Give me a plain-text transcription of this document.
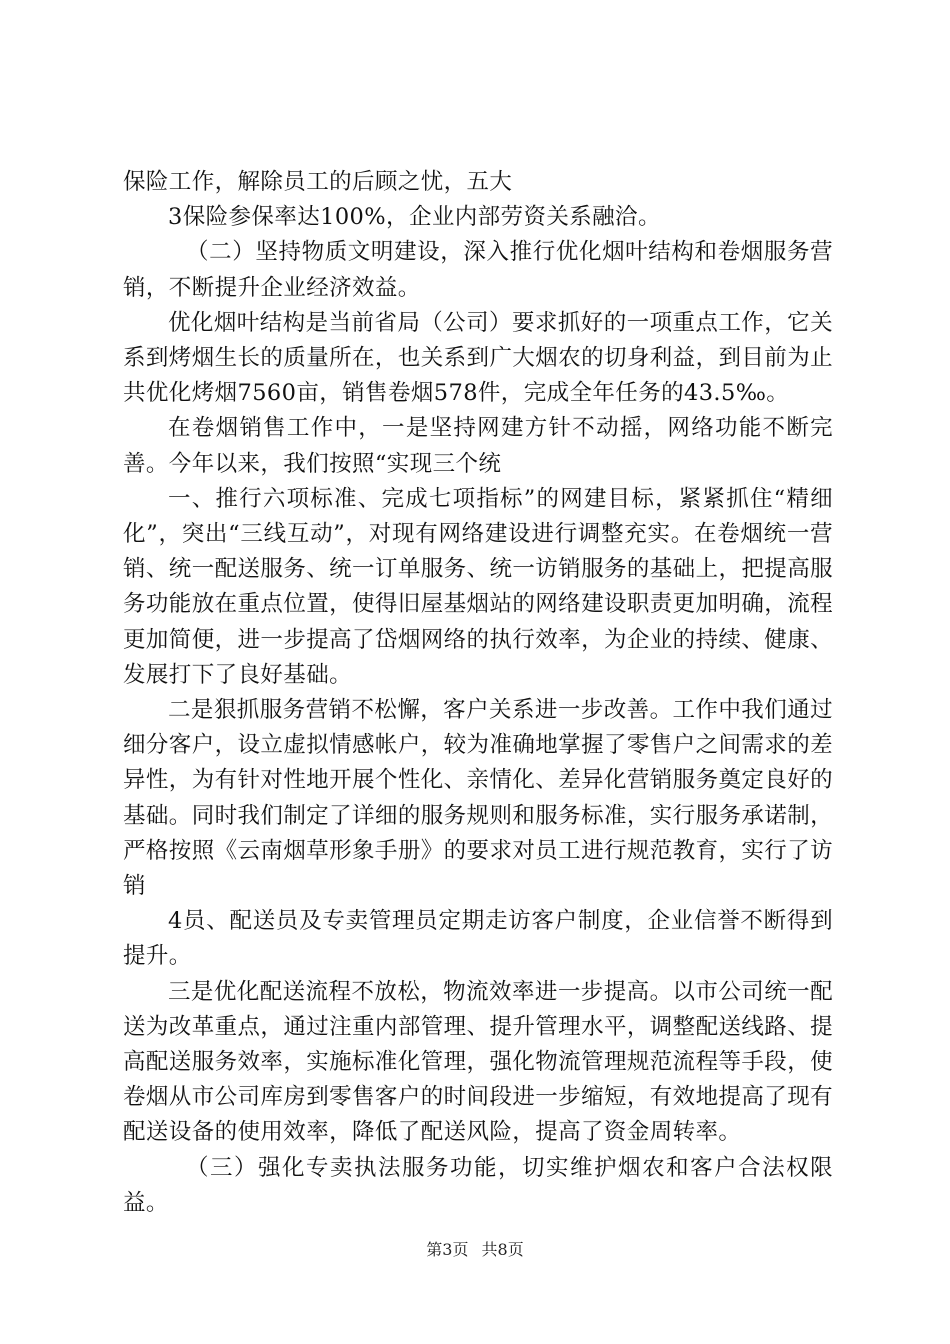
保险工作，解除员工的后顾之忧，五大

3保险参保率达100%，企业内部劳资关系融洽。

（二）坚持物质文明建设，深入推行优化烟叶结构和卷烟服务营销，不断提升企业经济效益。

优化烟叶结构是当前省局（公司）要求抓好的一项重点工作，它关系到烤烟生长的质量所在，也关系到广大烟农的切身利益，到目前为止共优化烤烟7560亩，销售卷烟578件，完成全年任务的43.5‰。

在卷烟销售工作中，一是坚持网建方针不动摇，网络功能不断完善。今年以来，我们按照“实现三个统

一、推行六项标准、完成七项指标”的网建目标，紧紧抓住“精细化”，突出“三线互动”，对现有网络建设进行调整充实。在卷烟统一营销、统一配送服务、统一订单服务、统一访销服务的基础上，把提高服务功能放在重点位置，使得旧屋基烟站的网络建设职责更加明确，流程更加简便，进一步提高了岱烟网络的执行效率，为企业的持续、健康、发展打下了良好基础。

二是狠抓服务营销不松懈，客户关系进一步改善。工作中我们通过细分客户，设立虚拟情感帐户，较为准确地掌握了零售户之间需求的差异性，为有针对性地开展个性化、亲情化、差异化营销服务奠定良好的基础。同时我们制定了详细的服务规则和服务标准，实行服务承诺制，严格按照《云南烟草形象手册》的要求对员工进行规范教育，实行了访销

4员、配送员及专卖管理员定期走访客户制度，企业信誉不断得到提升。

三是优化配送流程不放松，物流效率进一步提高。以市公司统一配送为改革重点，通过注重内部管理、提升管理水平，调整配送线路、提高配送服务效率，实施标准化管理，强化物流管理规范流程等手段，使卷烟从市公司库房到零售客户的时间段进一步缩短，有效地提高了现有配送设备的使用效率，降低了配送风险，提高了资金周转率。

（三）强化专卖执法服务功能，切实维护烟农和客户合法权限益。

第3页 共8页
